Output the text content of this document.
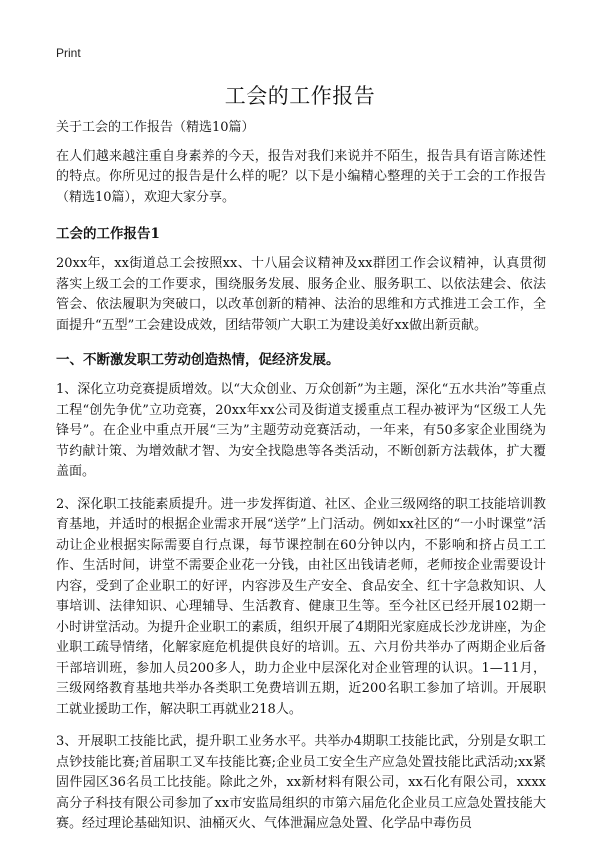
Print
工会的工作报告

关于工会的工作报告（精选10篇）

在人们越来越注重自身素养的今天，报告对我们来说并不陌生，报告具有语言陈述性的特点。你所见过的报告是什么样的呢？以下是小编精心整理的关于工会的工作报告（精选10篇），欢迎大家分享。

工会的工作报告1

20xx年，xx街道总工会按照xx、十八届会议精神及xx群团工作会议精神，认真贯彻落实上级工会的工作要求，围绕服务发展、服务企业、服务职工、以依法建会、依法管会、依法履职为突破口，以改革创新的精神、法治的思维和方式推进工会工作，全面提升“五型”工会建设成效，团结带领广大职工为建设美好xx做出新贡献。

一、不断激发职工劳动创造热情，促经济发展。

1、深化立功竞赛提质增效。以“大众创业、万众创新”为主题，深化“五水共治”等重点工程“创先争优”立功竞赛，20xx年xx公司及街道支援重点工程办被评为“区级工人先锋号”。在企业中重点开展“三为”主题劳动竞赛活动，一年来，有50多家企业围绕为节约献计策、为增效献才智、为安全找隐患等各类活动，不断创新方法载体，扩大覆盖面。

2、深化职工技能素质提升。进一步发挥街道、社区、企业三级网络的职工技能培训教育基地，并适时的根据企业需求开展“送学”上门活动。例如xx社区的“一小时课堂”活动让企业根据实际需要自行点课，每节课控制在60分钟以内，不影响和挤占员工工作、生活时间，讲堂不需要企业花一分钱，由社区出钱请老师，老师按企业需要设计内容，受到了企业职工的好评，内容涉及生产安全、食品安全、红十字急救知识、人事培训、法律知识、心理辅导、生活教育、健康卫生等。至今社区已经开展102期一小时讲堂活动。为提升企业职工的素质，组织开展了4期阳光家庭成长沙龙讲座，为企业职工疏导情绪，化解家庭危机提供良好的培训。五、六月份共举办了两期企业后备干部培训班，参加人员200多人，助力企业中层深化对企业管理的认识。1—11月，三级网络教育基地共举办各类职工免费培训五期，近200名职工参加了培训。开展职工就业援助工作，解决职工再就业218人。

3、开展职工技能比武，提升职工业务水平。共举办4期职工技能比武，分别是女职工点钞技能比赛;首届职工叉车技能比赛;企业员工安全生产应急处置技能比武活动;xx紧固件园区36名员工比技能。除此之外，xx新材料有限公司，xx石化有限公司，xxxx高分子科技有限公司参加了xx市安监局组织的市第六届危化企业员工应急处置技能大赛。经过理论基础知识、油桶灭火、气体泄漏应急处置、化学品中毒伤员
